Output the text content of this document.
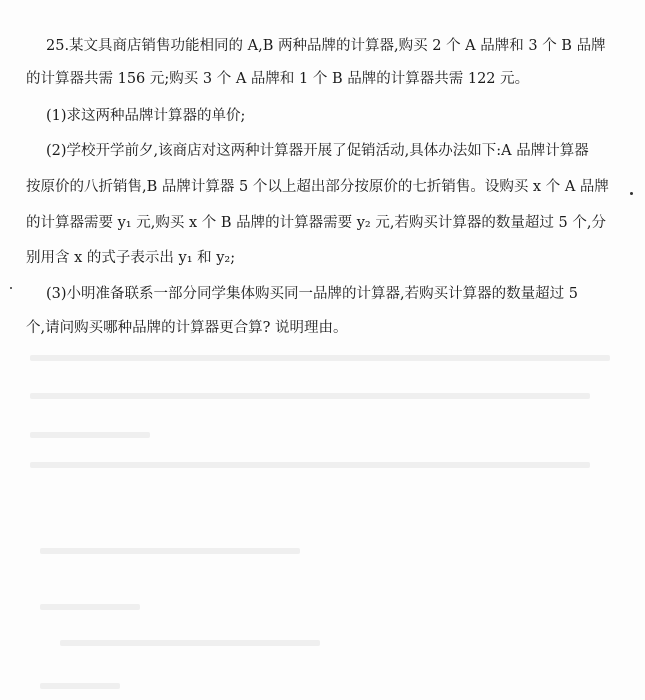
25.某文具商店销售功能相同的 A,B 两种品牌的计算器,购买 2 个 A 品牌和 3 个 B 品牌
的计算器共需 156 元;购买 3 个 A 品牌和 1 个 B 品牌的计算器共需 122 元。
(1)求这两种品牌计算器的单价;
(2)学校开学前夕,该商店对这两种计算器开展了促销活动,具体办法如下:A 品牌计算器
按原价的八折销售,B 品牌计算器 5 个以上超出部分按原价的七折销售。设购买 x 个 A 品牌
的计算器需要 y₁ 元,购买 x 个 B 品牌的计算器需要 y₂ 元,若购买计算器的数量超过 5 个,分
别用含 x 的式子表示出 y₁ 和 y₂;
(3)小明准备联系一部分同学集体购买同一品牌的计算器,若购买计算器的数量超过 5
个,请问购买哪种品牌的计算器更合算? 说明理由。
